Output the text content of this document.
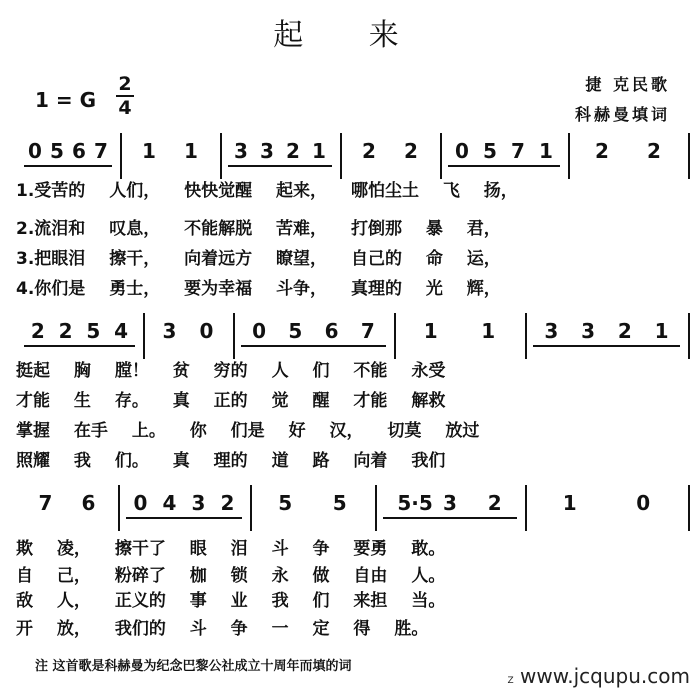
起 来
1 = G
2
4
捷 克民歌
科赫曼填词
0 5 6 7 1 1 3 3 2 1 2 2 0 5 7 1 2 2
1.受苦的 人们， 快快觉醒 起来， 哪怕尘土 飞 扬，
2.流泪和 叹息， 不能解脱 苦难， 打倒那 暴 君，
3.把眼泪 擦干， 向着远方 瞭望， 自己的 命 运，
4.你们是 勇士， 要为幸福 斗争， 真理的 光 辉，
2 2 5 4 3 0 0 5 6 7 1 1 3 3 2 1
挺起 胸 膛！ 贫 穷的 人 们 不能 永受
才能 生 存。 真 正的 觉 醒 才能 解救
掌握 在手 上。 你 们是 好 汉， 切莫 放过
照耀 我 们。 真 理的 道 路 向着 我们
7 6 0 4 3 2 5 5	5·5 3 2	1	0
欺 凌， 擦干了 眼 泪 斗 争 要勇 敢。
自 己， 粉碎了 枷 锁 永 做 自由 人。
敌 人， 正义的 事 业 我 们 来担 当。
开 放， 我们的 斗 争 一 定 得 胜。
注 这首歌是科赫曼为纪念巴黎公社成立十周年而填的词
Z www.jcqupu.com
